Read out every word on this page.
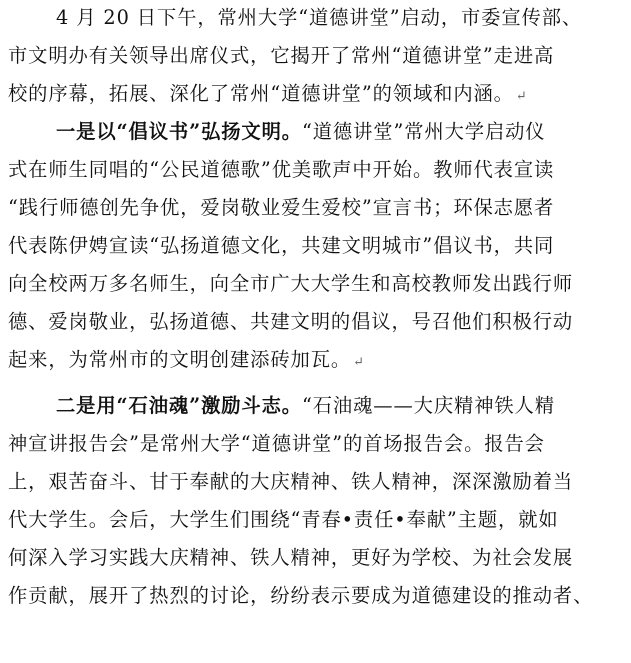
4 月 20 日下午，常州大学“道德讲堂”启动，市委宣传部、
市文明办有关领导出席仪式，它揭开了常州“道德讲堂”走进高
校的序幕，拓展、深化了常州“道德讲堂”的领域和内涵。 ↵
一是以“倡议书”弘扬文明。“道德讲堂”常州大学启动仪
式在师生同唱的“公民道德歌”优美歌声中开始。教师代表宣读
“践行师德创先争优，爱岗敬业爱生爱校”宣言书；环保志愿者
代表陈伊娉宣读“弘扬道德文化，共建文明城市”倡议书，共同
向全校两万多名师生，向全市广大大学生和高校教师发出践行师
德、爱岗敬业，弘扬道德、共建文明的倡议，号召他们积极行动
起来，为常州市的文明创建添砖加瓦。 ↵
二是用“石油魂”激励斗志。“石油魂——大庆精神铁人精
神宣讲报告会”是常州大学“道德讲堂”的首场报告会。报告会
上，艰苦奋斗、甘于奉献的大庆精神、铁人精神，深深激励着当
代大学生。会后，大学生们围绕“青春•责任•奉献”主题，就如
何深入学习实践大庆精神、铁人精神，更好为学校、为社会发展
作贡献，展开了热烈的讨论，纷纷表示要成为道德建设的推动者、
